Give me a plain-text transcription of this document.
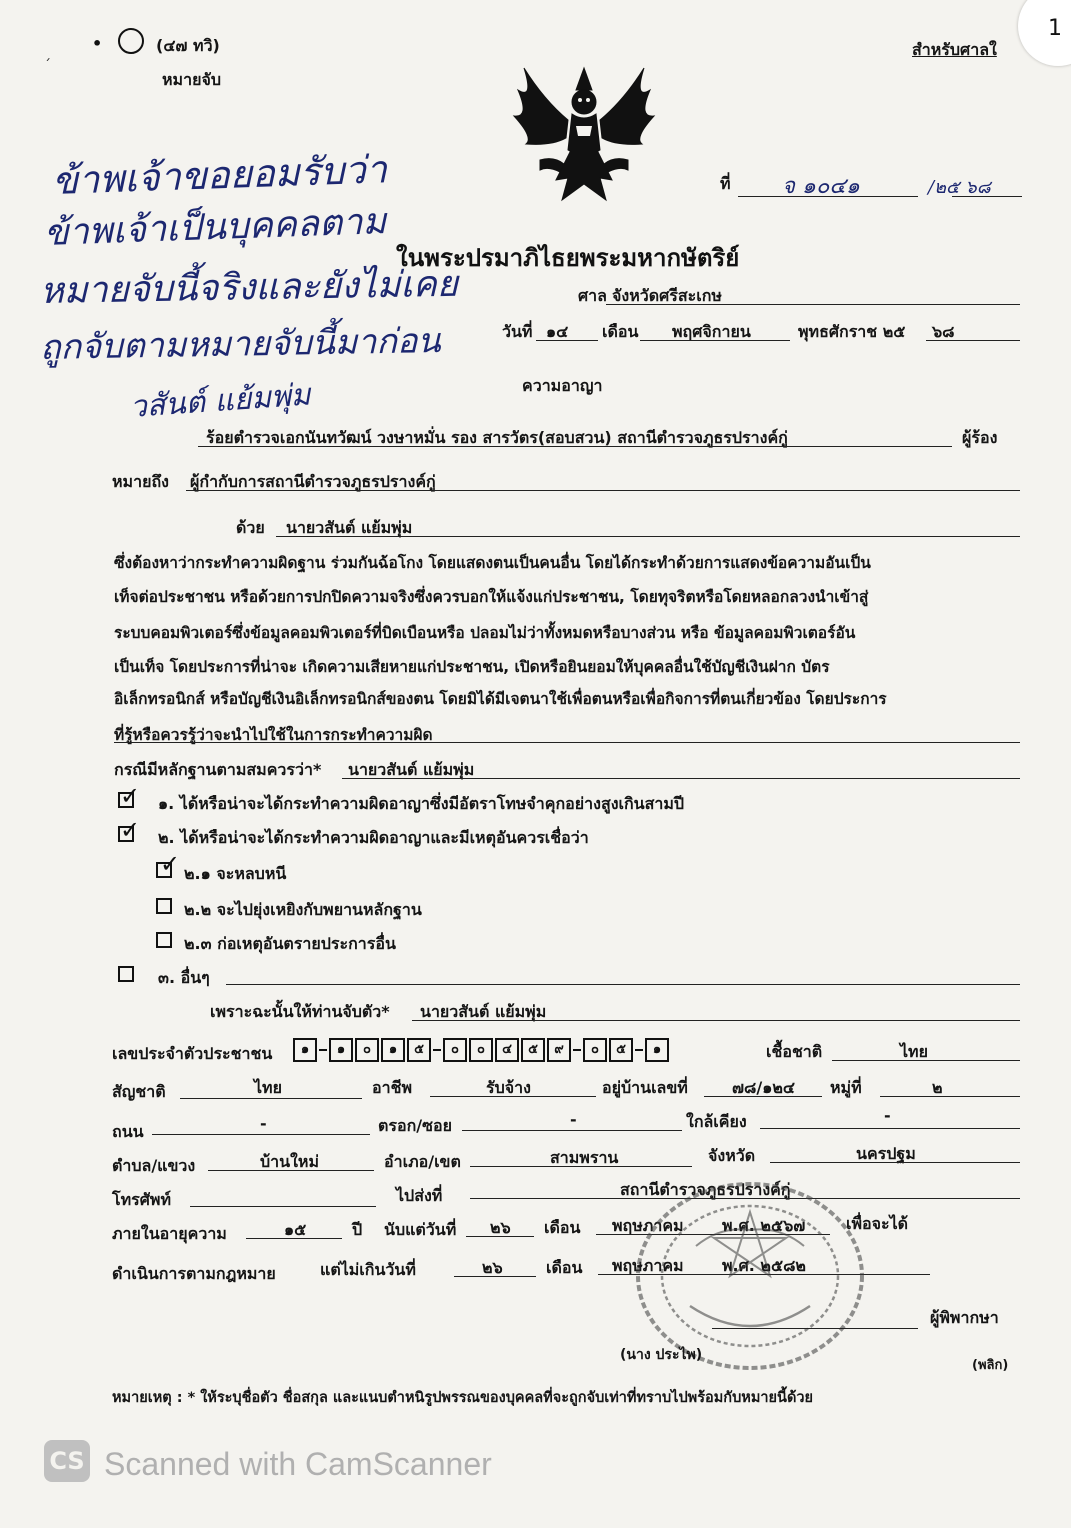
1
• ○ (๔๗ ทวิ)
หมายจับ
สำหรับศาลใ
´
ที่ จ ๑๐๔๑	/๒๕ ๖๘
ข้าพเจ้าขอยอมรับว่า
ข้าพเจ้าเป็นบุคคลตาม
หมายจับนี้จริงและยังไม่เคย
ถูกจับตามหมายจับนี้มาก่อน
วสันต์ แย้มพุ่ม
ในพระปรมาภิไธยพระมหากษัตริย์
ศาล จังหวัดศรีสะเกษ
วันที่ ๑๔ เดือน พฤศจิกายน	พุทธศักราช ๒๕ ๖๘
ความอาญา
ร้อยตำรวจเอกนันทวัฒน์ วงษาหมั่น รอง สารวัตร(สอบสวน) สถานีตำรวจภูธรปรางค์กู่	ผู้ร้อง
หมายถึง ผู้กำกับการสถานีตำรวจภูธรปรางค์กู่
ด้วย นายวสันต์ แย้มพุ่ม
ซึ่งต้องหาว่ากระทำความผิดฐาน ร่วมกันฉ้อโกง โดยแสดงตนเป็นคนอื่น โดยได้กระทำด้วยการแสดงข้อความอันเป็น
เท็จต่อประชาชน หรือด้วยการปกปิดความจริงซึ่งควรบอกให้แจ้งแก่ประชาชน, โดยทุจริตหรือโดยหลอกลวงนำเข้าสู่
ระบบคอมพิวเตอร์ซึ่งข้อมูลคอมพิวเตอร์ที่บิดเบือนหรือ ปลอมไม่ว่าทั้งหมดหรือบางส่วน หรือ ข้อมูลคอมพิวเตอร์อัน
เป็นเท็จ โดยประการที่น่าจะ เกิดความเสียหายแก่ประชาชน, เปิดหรือยินยอมให้บุคคลอื่นใช้บัญชีเงินฝาก บัตร
อิเล็กทรอนิกส์ หรือบัญชีเงินอิเล็กทรอนิกส์ของตน โดยมิได้มีเจตนาใช้เพื่อตนหรือเพื่อกิจการที่ตนเกี่ยวข้อง โดยประการ
ที่รู้หรือควรรู้ว่าจะนำไปใช้ในการกระทำความผิด
กรณีมีหลักฐานตามสมควรว่า* นายวสันต์ แย้มพุ่ม
✓ ๑. ได้หรือน่าจะได้กระทำความผิดอาญาซึ่งมีอัตราโทษจำคุกอย่างสูงเกินสามปี
✓ ๒. ได้หรือน่าจะได้กระทำความผิดอาญาและมีเหตุอันควรเชื่อว่า
✓ ๒.๑ จะหลบหนี
๒.๒ จะไปยุ่งเหยิงกับพยานหลักฐาน
๒.๓ ก่อเหตุอันตรายประการอื่น
๓. อื่นๆ
เพราะฉะนั้นให้ท่านจับตัว* นายวสันต์ แย้มพุ่ม
เลขประจำตัวประชาชน	๑ ๑ ๐ ๑ ๕ ๐ ๐ ๔ ๕ ๙ ๐ ๕ ๑	เชื้อชาติ	ไทย
สัญชาติ	ไทย	อาชีพ	รับจ้าง	อยู่บ้านเลขที่	๗๘/๑๒๔ หมู่ที่	๒
ถนน	-	ตรอก/ซอย	-	ใกล้เคียง	-
ตำบล/แขวง	บ้านใหม่	อำเภอ/เขต	สามพราน	จังหวัด	นครปฐม
โทรศัพท์	ไปส่งที่	สถานีตำรวจภูธรปรางค์กู่
ภายในอายุความ	๑๕	ปี นับแต่วันที่ ๒๖ เดือน พฤษภาคม พ.ศ. ๒๕๖๗	เพื่อจะได้
ดำเนินการตามกฎหมาย	แต่ไม่เกินวันที่	๒๖	เดือน พฤษภาคม พ.ศ. ๒๕๘๒
ผู้พิพากษา
(นาง ประไพ)
(พลิก)
หมายเหตุ : * ให้ระบุชื่อตัว ชื่อสกุล และแนบตำหนิรูปพรรณของบุคคลที่จะถูกจับเท่าที่ทราบไปพร้อมกับหมายนี้ด้วย
CS Scanned with CamScanner
